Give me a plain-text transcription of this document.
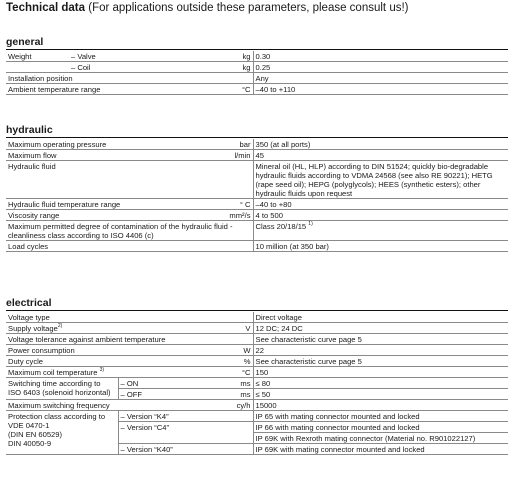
Technical data (For applications outside these parameters, please consult us!)
general
Weight	– Valve	kg	0.30
	– Coil	kg	0.25
Installation position			Any
Ambient temperature range		°C	–40 to +110
hydraulic
Maximum operating pressure	bar	350 (at all ports)
Maximum flow	l/min	45
Hydraulic fluid		Mineral oil (HL, HLP) according to DIN 51524; quickly bio-degradable hydraulic fluids according to VDMA 24568 (see also RE 90221); HETG (rape seed oil); HEPG (polyglycols); HEES (synthetic esters); other hydraulic fluids upon request
Hydraulic fluid temperature range	° C	–40 to +80
Viscosity range	mm²/s	4 to 500
Maximum permitted degree of contamination of the hydraulic fluid - cleanliness class according to ISO 4406 (c)		Class 20/18/15 $^{1)}$
Load cycles		10 million (at 350 bar)
electrical
Voltage type			Direct voltage
Supply voltage$^{2)}$		V	12 DC; 24 DC
Voltage tolerance against ambient temperature			See characteristic curve page 5
Power consumption		W	22
Duty cycle		%	See characteristic curve page 5
Maximum coil temperature $^{3)}$		°C	150
Switching time according to
ISO 6403 (solenoid horizontal)	– ON	ms	≤ 80
	– OFF	ms	≤ 50
Maximum switching frequency		cy/h	15000
Protection class according to
VDE 0470-1
(DIN EN 60529)
DIN 40050-9	– Version “K4”		IP 65 with mating connector mounted and locked
	– Version “C4”		IP 66 with mating connector mounted and locked
			IP 69K with Rexroth mating connector (Material no. R901022127)
	– Version “K40”		IP 69K with mating connector mounted and locked
